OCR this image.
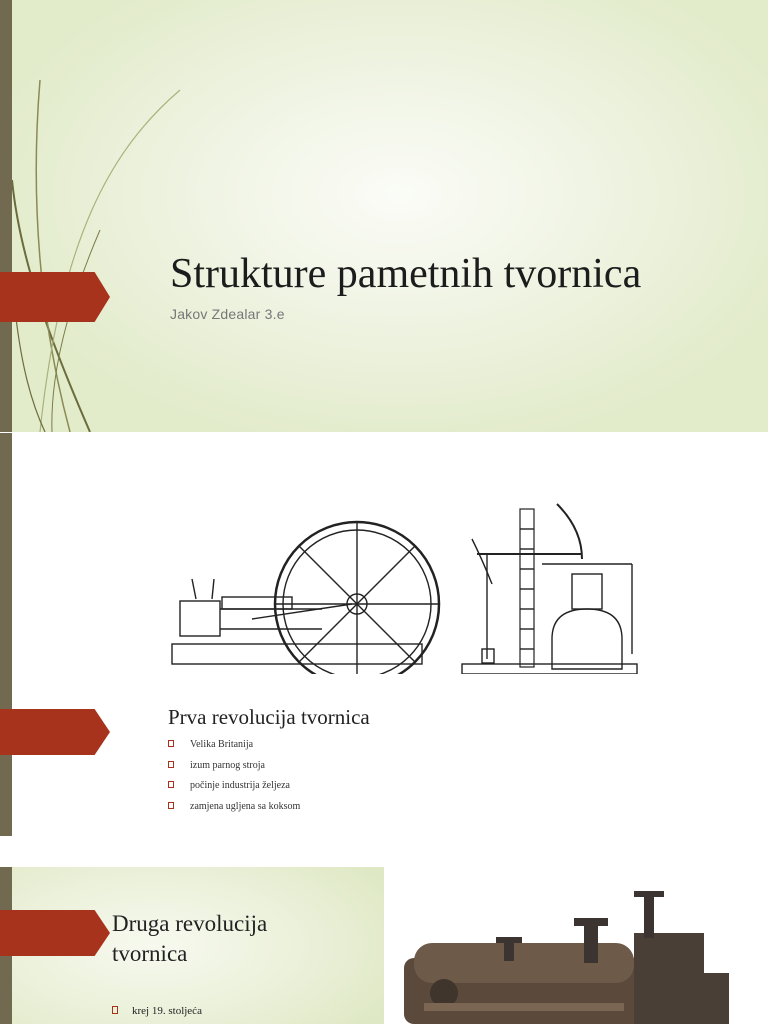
Strukture pametnih tvornica
Jakov Zdealar 3.e
Prva revolucija tvornica
Velika Britanija
izum parnog stroja
počinje industrija željeza
zamjena ugljena sa koksom
Druga revolucija tvornica
krej 19. stoljeća
